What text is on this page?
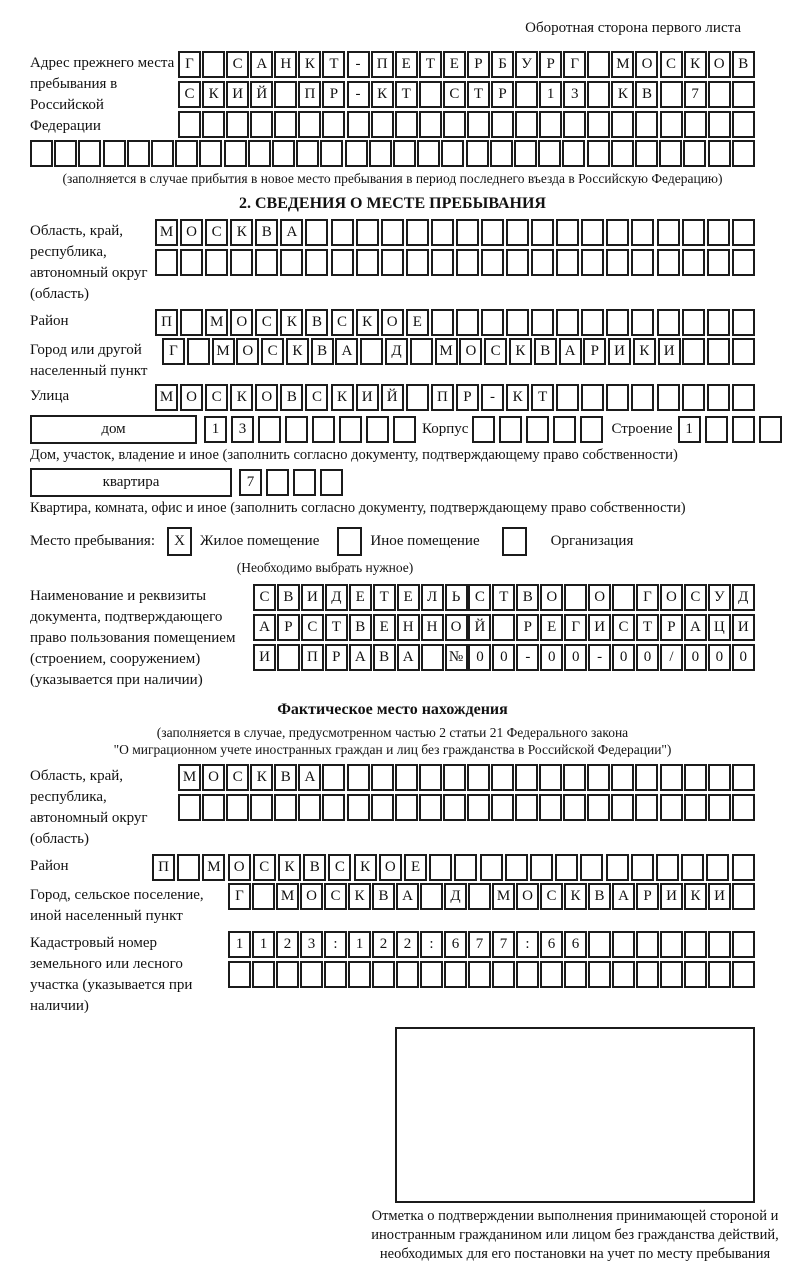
Оборотная сторона первого листа
Адрес прежнего места пребывания в Российской Федерации
Г	С А Н К Т	-	П Е Т Е	Р	Б У Р	Г	М О С К О В
С К И Й	П Р	-	К Т	С Т	Р	1	3	К В	7
(заполняется в случае прибытия в новое место пребывания в период последнего въезда в Российскую Федерацию)
2. СВЕДЕНИЯ О МЕСТЕ ПРЕБЫВАНИЯ
Область, край, республика, автономный округ (область)
М О С	К	В А
Район	П	М О С	К	В	С	К О	Е
Город или другой населенный пункт
Г	М О С К В А	Д	М О С К В А	Р	И К И
Улица	М О С	К О В	С	К И Й	П	Р	-	К	Т
дом	1	3	Корпус	Строение 1
Дом, участок, владение и иное (заполнить согласно документу, подтверждающему право собственности)
квартира	7
Квартира, комната, офис и иное (заполнить согласно документу, подтверждающему право собственности)
Место пребывания:	X	Жилое помещение	Иное помещение	Организация
(Необходимо выбрать нужное)
Наименование и реквизиты документа, подтверждающего право пользования помещением (строением, сооружением) (указывается при наличии)
С В И Д Е Т Е Л Ь С Т В О	О	Г О С У Д
А Р С Т В Е Н Н О Й	Р	Е	Г И С Т	Р А Ц И
И	П Р А В А	№ 0	0	-	0	0	-	0	0	/	0	0	0
Фактическое место нахождения
(заполняется в случае, предусмотренном частью 2 статьи 21 Федерального закона
"О миграционном учете иностранных граждан и лиц без гражданства в Российской Федерации")
Область, край, республика, автономный округ (область)
М О С К В А
Район	П	М О С	К	В	С	К О	Е
Город, сельское поселение, иной населенный пункт
Г	М О С К В А	Д	М О С К В А Р И К И
Кадастровый номер земельного или лесного участка (указывается при наличии)
1	1	2	3	:	1	2	2	:	6	7	7	:	6	6
Отметка о подтверждении выполнения принимающей стороной и иностранным гражданином или лицом без гражданства действий, необходимых для его постановки на учет по месту пребывания
